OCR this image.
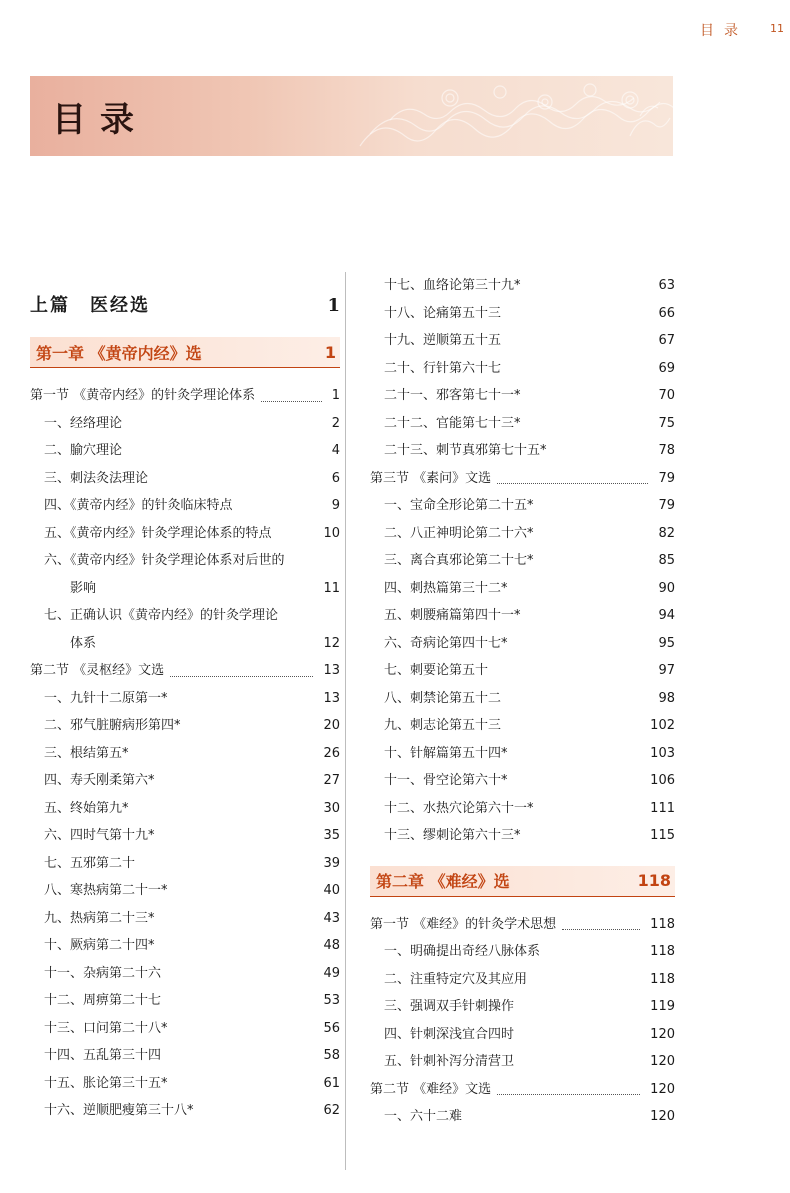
目录 11
目录
上篇　医经选	1
第一章 《黄帝内经》选	1
第一节 《黄帝内经》的针灸学理论体系	1
一、经络理论	2
二、腧穴理论	4
三、刺法灸法理论	6
四、《黄帝内经》的针灸临床特点	9
五、《黄帝内经》针灸学理论体系的特点	10
六、《黄帝内经》针灸学理论体系对后世的
影响	11
七、正确认识《黄帝内经》的针灸学理论
体系	12
第二节 《灵枢经》文选	13
一、九针十二原第一*	13
二、邪气脏腑病形第四*	20
三、根结第五*	26
四、寿夭刚柔第六*	27
五、终始第九*	30
六、四时气第十九*	35
七、五邪第二十	39
八、寒热病第二十一*	40
九、热病第二十三*	43
十、厥病第二十四*	48
十一、杂病第二十六	49
十二、周痹第二十七	53
十三、口问第二十八*	56
十四、五乱第三十四	58
十五、胀论第三十五*	61
十六、逆顺肥瘦第三十八*	62
十七、血络论第三十九*	63
十八、论痛第五十三	66
十九、逆顺第五十五	67
二十、行针第六十七	69
二十一、邪客第七十一*	70
二十二、官能第七十三*	75
二十三、刺节真邪第七十五*	78
第三节 《素问》文选	79
一、宝命全形论第二十五*	79
二、八正神明论第二十六*	82
三、离合真邪论第二十七*	85
四、刺热篇第三十二*	90
五、刺腰痛篇第四十一*	94
六、奇病论第四十七*	95
七、刺要论第五十	97
八、刺禁论第五十二	98
九、刺志论第五十三	102
十、针解篇第五十四*	103
十一、骨空论第六十*	106
十二、水热穴论第六十一*	111
十三、缪刺论第六十三*	115
第二章 《难经》选	118
第一节 《难经》的针灸学术思想	118
一、明确提出奇经八脉体系	118
二、注重特定穴及其应用	118
三、强调双手针刺操作	119
四、针刺深浅宜合四时	120
五、针刺补泻分清营卫	120
第二节 《难经》文选	120
一、六十二难	120
